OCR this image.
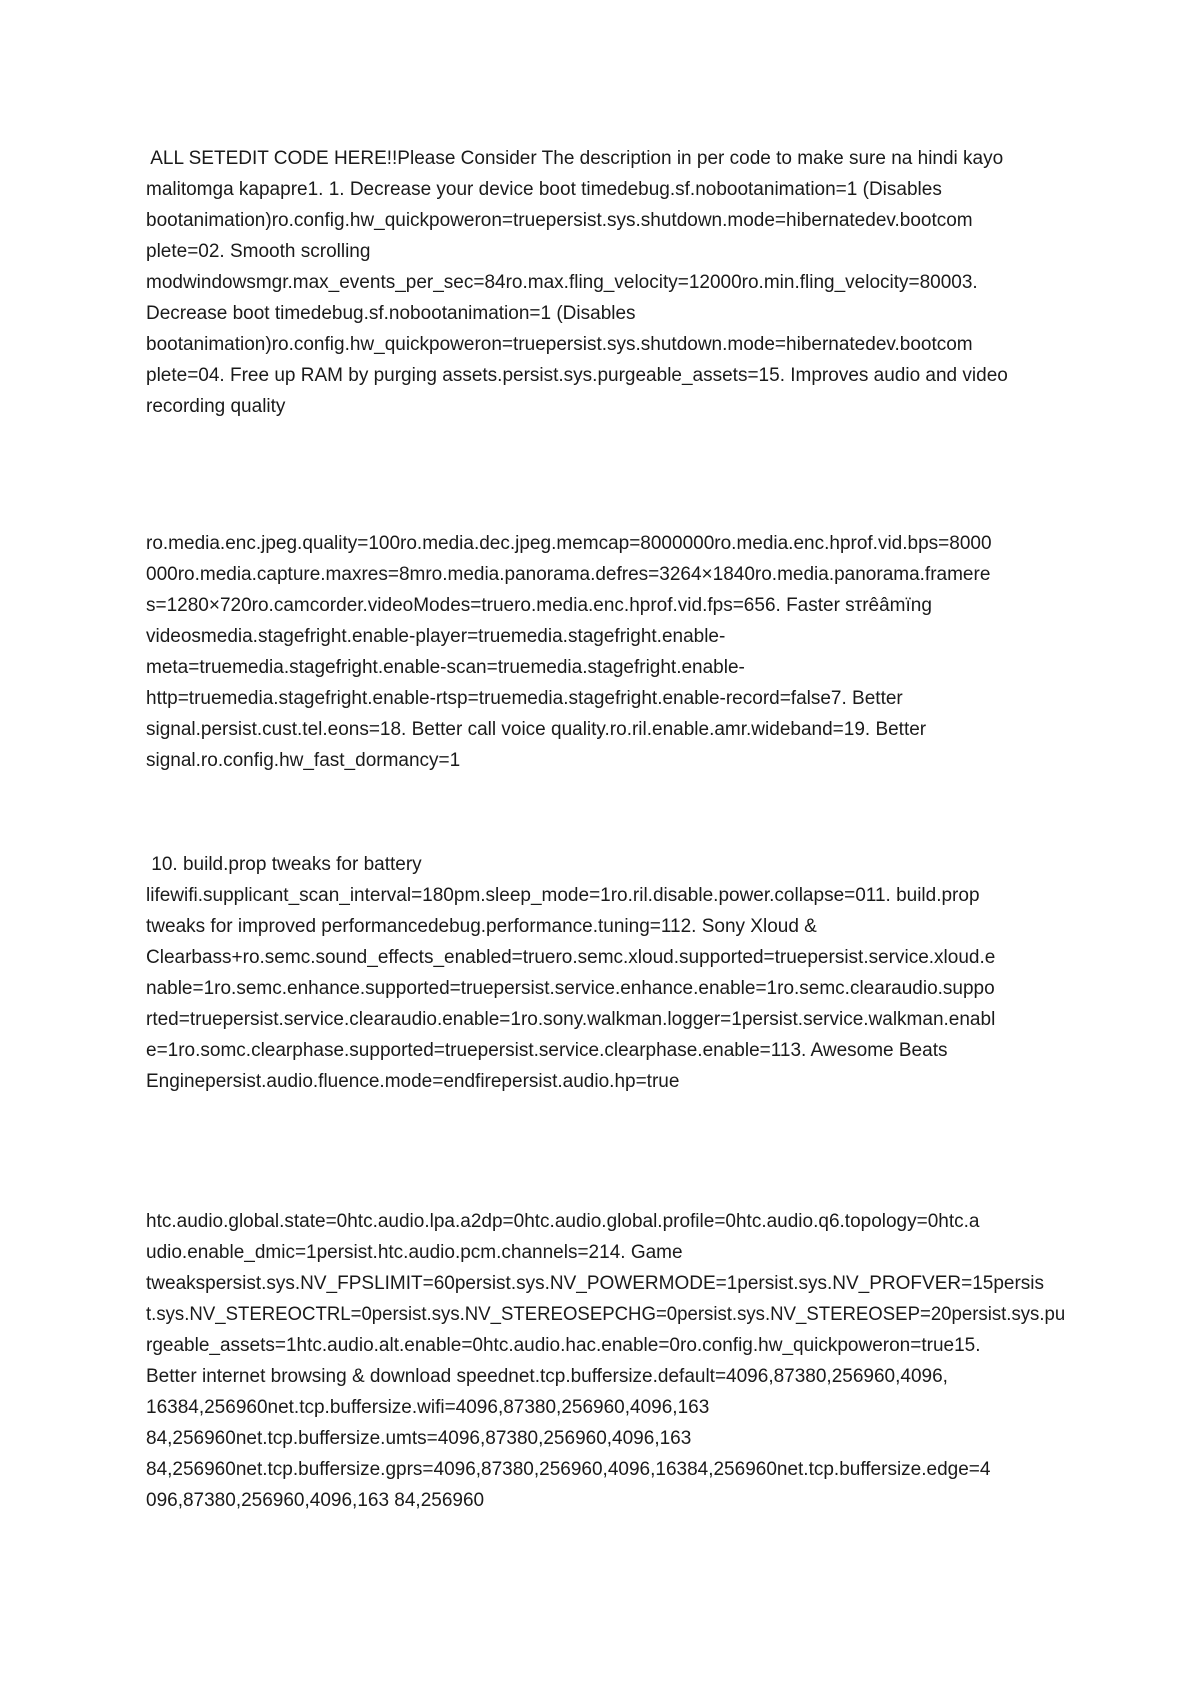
ALL SETEDIT CODE HERE!!Please Consider The description in per code to make sure na hindi kayo
malitomga kapapre1. 1. Decrease your device boot timedebug.sf.nobootanimation=1 (Disables
bootanimation)ro.config.hw_quickpoweron=truepersist.sys.shutdown.mode=hibernatedev.bootcom
plete=02. Smooth scrolling
modwindowsmgr.max_events_per_sec=84ro.max.fling_velocity=12000ro.min.fling_velocity=80003.
Decrease boot timedebug.sf.nobootanimation=1 (Disables
bootanimation)ro.config.hw_quickpoweron=truepersist.sys.shutdown.mode=hibernatedev.bootcom
plete=04. Free up RAM by purging assets.persist.sys.purgeable_assets=15. Improves audio and video
recording quality
ro.media.enc.jpeg.quality=100ro.media.dec.jpeg.memcap=8000000ro.media.enc.hprof.vid.bps=8000
000ro.media.capture.maxres=8mro.media.panorama.defres=3264×1840ro.media.panorama.framere
s=1280×720ro.camcorder.videoModes=truero.media.enc.hprof.vid.fps=656. Faster sτrêâmïng
videosmedia.stagefright.enable-player=truemedia.stagefright.enable-
meta=truemedia.stagefright.enable-scan=truemedia.stagefright.enable-
http=truemedia.stagefright.enable-rtsp=truemedia.stagefright.enable-record=false7. Better
signal.persist.cust.tel.eons=18. Better call voice quality.ro.ril.enable.amr.wideband=19. Better
signal.ro.config.hw_fast_dormancy=1
10. build.prop tweaks for battery
lifewifi.supplicant_scan_interval=180pm.sleep_mode=1ro.ril.disable.power.collapse=011. build.prop
tweaks for improved performancedebug.performance.tuning=112. Sony Xloud &
Clearbass+ro.semc.sound_effects_enabled=truero.semc.xloud.supported=truepersist.service.xloud.e
nable=1ro.semc.enhance.supported=truepersist.service.enhance.enable=1ro.semc.clearaudio.suppo
rted=truepersist.service.clearaudio.enable=1ro.sony.walkman.logger=1persist.service.walkman.enabl
e=1ro.somc.clearphase.supported=truepersist.service.clearphase.enable=113. Awesome Beats
Enginepersist.audio.fluence.mode=endfirepersist.audio.hp=true
htc.audio.global.state=0htc.audio.lpa.a2dp=0htc.audio.global.profile=0htc.audio.q6.topology=0htc.a
udio.enable_dmic=1persist.htc.audio.pcm.channels=214. Game
tweakspersist.sys.NV_FPSLIMIT=60persist.sys.NV_POWERMODE=1persist.sys.NV_PROFVER=15persis
t.sys.NV_STEREOCTRL=0persist.sys.NV_STEREOSEPCHG=0persist.sys.NV_STEREOSEP=20persist.sys.pu
rgeable_assets=1htc.audio.alt.enable=0htc.audio.hac.enable=0ro.config.hw_quickpoweron=true15.
Better internet browsing & download speednet.tcp.buffersize.default=4096,87380,256960,4096,
16384,256960net.tcp.buffersize.wifi=4096,87380,256960,4096,163
84,256960net.tcp.buffersize.umts=4096,87380,256960,4096,163
84,256960net.tcp.buffersize.gprs=4096,87380,256960,4096,16384,256960net.tcp.buffersize.edge=4
096,87380,256960,4096,163 84,256960
